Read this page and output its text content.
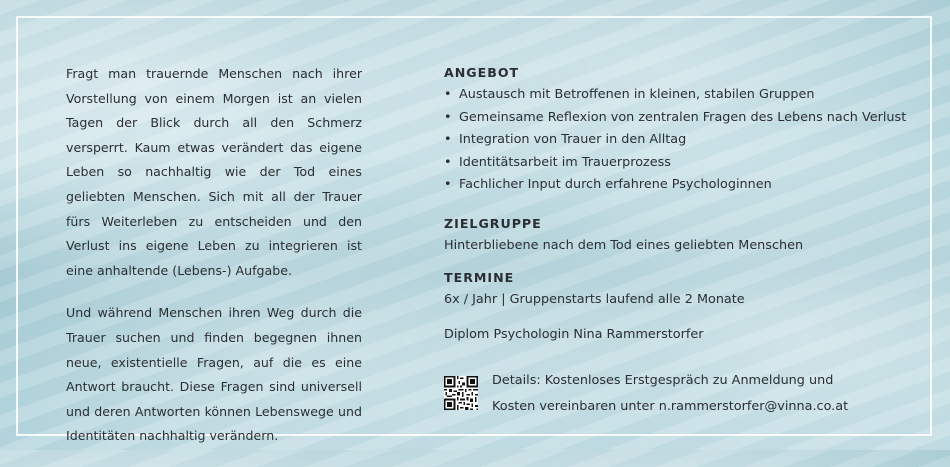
Fragt man trauernde Menschen nach ihrer Vorstellung von einem Morgen ist an vielen Tagen der Blick durch all den Schmerz versperrt. Kaum etwas verändert das eigene Leben so nachhaltig wie der Tod eines geliebten Menschen. Sich mit all der Trauer fürs Weiterleben zu entscheiden und den Verlust ins eigene Leben zu integrieren ist eine anhaltende (Lebens-) Aufgabe.

Und während Menschen ihren Weg durch die Trauer suchen und finden begegnen ihnen neue, existentielle Fragen, auf die es eine Antwort braucht. Diese Fragen sind universell und deren Antworten können Lebenswege und Identitäten nachhaltig verändern.

ANGEBOT
• Austausch mit Betroffenen in kleinen, stabilen Gruppen
• Gemeinsame Reflexion von zentralen Fragen des Lebens nach Verlust
• Integration von Trauer in den Alltag
• Identitätsarbeit im Trauerprozess
• Fachlicher Input durch erfahrene Psychologinnen
ZIELGRUPPE

Hinterbliebene nach dem Tod eines geliebten Menschen

TERMINE

6x / Jahr | Gruppenstarts laufend alle 2 Monate

Diplom Psychologin Nina Rammerstorfer

Details: Kostenloses Erstgespräch zu Anmeldung und
Kosten vereinbaren unter n.rammerstorfer@vinna.co.at
